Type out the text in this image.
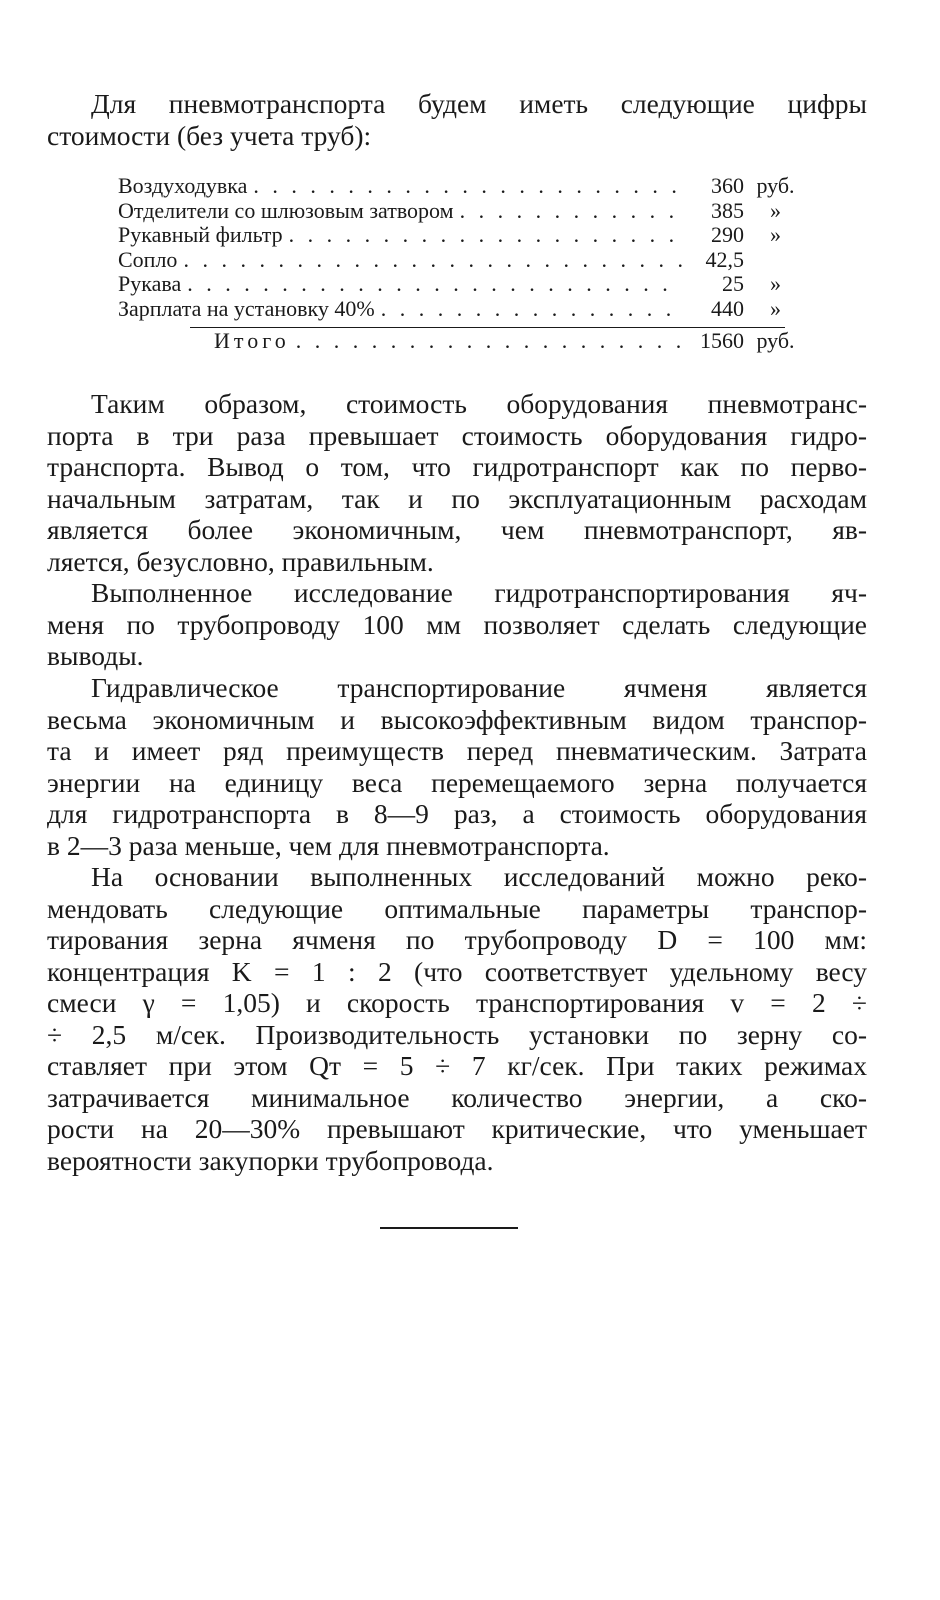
Для пневмотранспорта будем иметь следующие цифры
стоимости (без учета труб):
Воздуходувка . . .	360 руб.
Отделители со шлюзовым затвором . . .	385	»
Рукавный фильтр . . .	290	»
Сопло . . .	42,5
Рукава . . .	25	»
Зарплата на установку 40% . . .	440	»
Итого . . .	1560 руб.
Таким образом, стоимость оборудования пневмотранс-
порта в три раза превышает стоимость оборудования гидро-
транспорта. Вывод о том, что гидротранспорт как по перво-
начальным затратам, так и по эксплуатационным расходам
является более экономичным, чем пневмотранспорт, яв-
ляется, безусловно, правильным.
Выполненное исследование гидротранспортирования яч-
меня по трубопроводу 100 мм позволяет сделать следующие
выводы.
Гидравлическое транспортирование ячменя является
весьма экономичным и высокоэффективным видом транспор-
та и имеет ряд преимуществ перед пневматическим. Затрата
энергии на единицу веса перемещаемого зерна получается
для гидротранспорта в 8—9 раз, а стоимость оборудования
в 2—3 раза меньше, чем для пневмотранспорта.
На основании выполненных исследований можно реко-
мендовать следующие оптимальные параметры транспор-
тирования зерна ячменя по трубопроводу D = 100 мм:
концентрация K = 1 : 2 (что соответствует удельному весу
смеси γ = 1,05) и скорость транспортирования v = 2 ÷
÷ 2,5 м/сек. Производительность установки по зерну со-
ставляет при этом Qт = 5 ÷ 7 кг/сек. При таких режимах
затрачивается минимальное количество энергии, а ско-
рости на 20—30% превышают критические, что уменьшает
вероятности закупорки трубопровода.
